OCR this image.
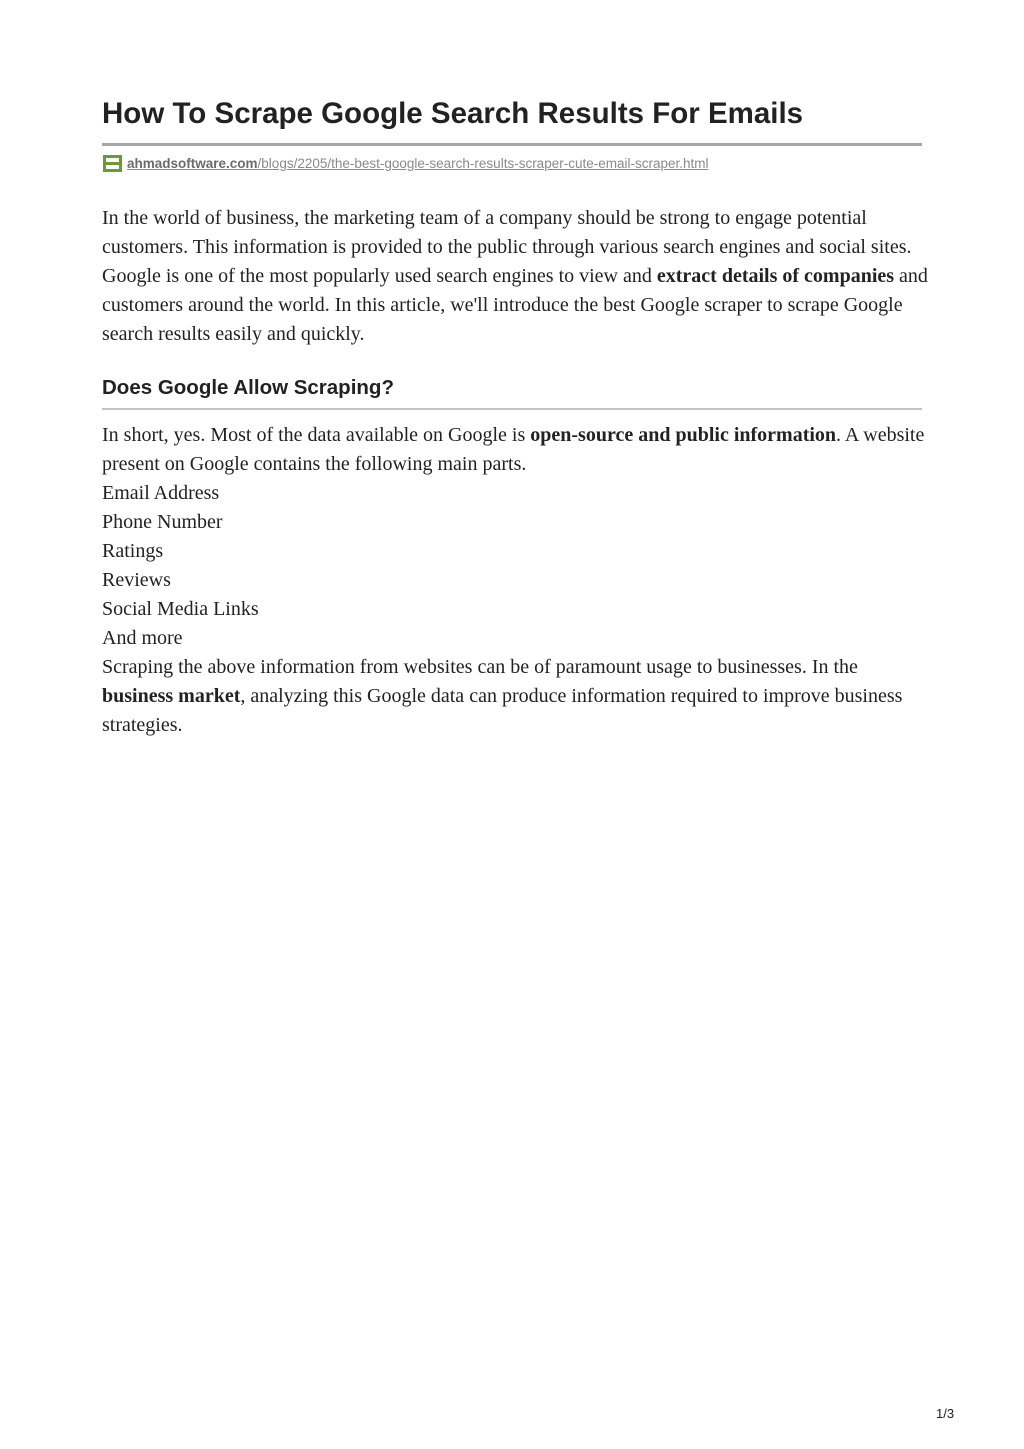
How To Scrape Google Search Results For Emails
ahmadsoftware.com/blogs/2205/the-best-google-search-results-scraper-cute-email-scraper.html

In the world of business, the marketing team of a company should be strong to engage potential customers. This information is provided to the public through various search engines and social sites. Google is one of the most popularly used search engines to view and extract details of companies and customers around the world. In this article, we'll introduce the best Google scraper to scrape Google search results easily and quickly.

Does Google Allow Scraping?

In short, yes. Most of the data available on Google is open-source and public information. A website present on Google contains the following main parts.

Email Address
Phone Number
Ratings
Reviews
Social Media Links
And more

Scraping the above information from websites can be of paramount usage to businesses. In the business market, analyzing this Google data can produce information required to improve business strategies.

1/3
